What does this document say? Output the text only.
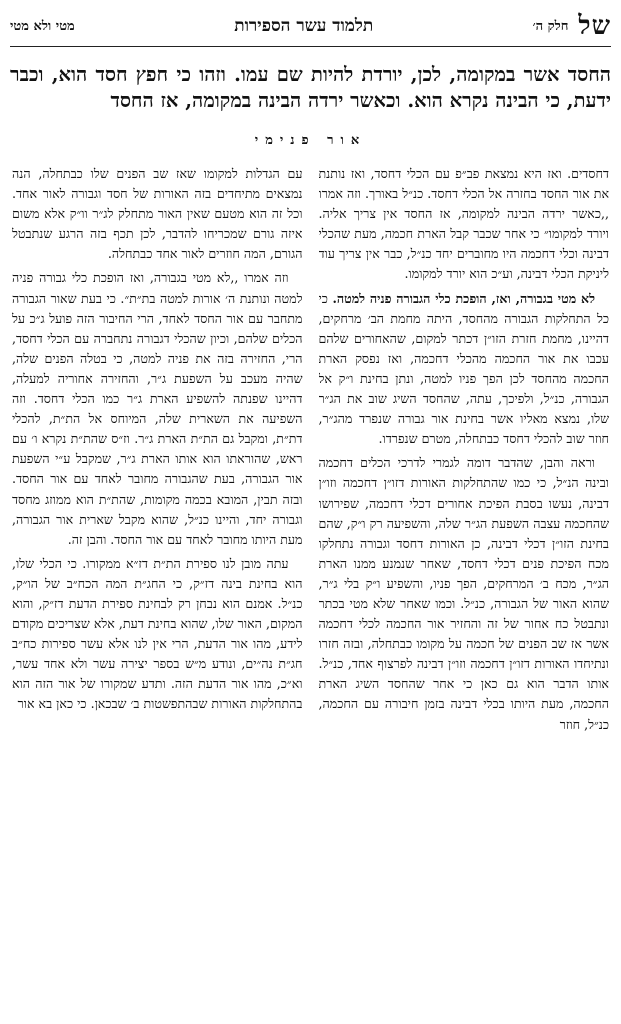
של
חלק ה׳
תלמוד עשר הספירות
מטי ולא מטי

החסד אשר במקומה, לכן, יורדת להיות שם עמו. וזהו כי חפץ חסד הוא, וכבר ידעת, כי הבינה נקרא הוא. וכאשר ירדה הבינה במקומה, אז החסד

אור פנימי

דחסדים. ואז היא נמצאת פב״פ עם הכלי דחסד, ואז נותנת את אור החסד בחזרה אל הכלי דחסד. כנ״ל באורך. וזה אמרו ,,כאשר ירדה הבינה למקומה, אז החסד אין צריך אליה. ויורד למקומו״ כי אחר שכבר קבל הארת חכמה, מעת שהכלי דבינה וכלי דחכמה היו מחוברים יחד כנ״ל, כבר אין צריך עוד ליניקת הכלי דבינה, וע״כ הוא יורד למקומו.

לא מטי בגבורה, ואז, הופכת כלי הגבורה פניה למטה. כי כל התחלקות הגבורה מהחסד, היתה מחמת הב׳ מרחקים, דהיינו, מחמת חזרת הזו״ן דכתר למקום, שהאחורים שלהם עכבו את אור החכמה מהכלי דחכמה, ואז נפסק הארת החכמה מהחסד לכן הפך פניו למטה, ונתן בחינת ו״ק אל הגבורה, כנ״ל, ולפיכך, עתה, שהחסד השיג שוב את הג״ר שלו, נמצא מאליו אשר בחינת אור גבורה שנפרד מהג״ר, חוזר שוב להכלי דחסד כבתחלה, מטרם שנפרדו.

וראה והבן, שהדבר דומה לגמרי לדרכי הכלים דחכמה ובינה הנ״ל, כי כמו שהתחלקות האורות דזו״ן דחכמה וזו״ן דבינה, נעשו בסבת הפיכת אחורים דכלי דחכמה, שפירושו שהחכמה עצבה השפעת הג״ר שלה, והשפיעה רק ו״ק, שהם בחינת הזו״ן דכלי דבינה, כן האורות דחסד וגבורה נתחלקו מכח הפיכת פנים דכלי דחסד, שאחר שנמנע ממנו הארת הג״ר, מכח ב׳ המרחקים, הפך פניו, והשפיע ו״ק בלי ג״ר, שהוא האור של הגבורה, כנ״ל. וכמו שאחר שלא מטי בכתר ונתבטל כח אחור של זה והחזיר אור החכמה לכלי דחכמה אשר אז שב הפנים של חכמה על מקומו כבתחלה, ובזה חזרו ונתיחדו האורות דזו״ן דחכמה וזו״ן דבינה לפרצוף אחד, כנ״ל. אותו הדבר הוא גם כאן כי אחר שהחסד השיג הארת החכמה, מעת היותו בכלי דבינה בזמן חיבורה עם החכמה, כנ״ל, חוזר

עם הגדלות למקומו שאז שב הפנים שלו כבתחלה, הנה נמצאים מתיחדים בזה האורות של חסד וגבורה לאור אחד. וכל זה הוא מטעם שאין האור מתחלק לג״ר וו״ק אלא משום איזה גורם שמכריחו להדבר, לכן תכף בזה הרגע שנתבטל הגורם, המה חוזרים לאור אחד כבתחלה.

וזה אמרו ,,לא מטי בגבורה, ואז הופכת כלי גבורה פניה למטה ונותנת ה׳ אורות למטה בת״ת״. כי בעת שאור הגבורה מתחבר עם אור החסד לאחד, הרי החיבור הזה פועל ג״כ על הכלים שלהם, וכיון שהכלי דגבורה נתחברה עם הכלי דחסד, הרי, החזירה בזה את פניה למטה, כי בטלה הפנים שלה, שהיה מעכב על השפעת ג״ר, והחזירה אחוריה למעלה, דהיינו שפנתה להשפיע הארת ג״ר כמו הכלי דחסד. וזה השפיעה את השארית שלה, המיוחס אל הת״ת, להכלי דת״ת, ומקבל גם הת״ת הארת ג״ר. וז״ס שהת״ת נקרא ו׳ עם ראש, שהוראתו הוא אותו הארת ג״ר, שמקבל ע״י השפעת אור הגבורה, בעת שהגבורה מחובר לאחד עם אור החסד. ובזה תבין, המובא בכמה מקומות, שהת״ת הוא ממוזג מחסד וגבורה יחד, והיינו כנ״ל, שהוא מקבל שארית אור הגבורה, מעת היותו מחובר לאחד עם אור החסד. והבן זה.

עתה מובן לנו ספירת הת״ת דז״א ממקורו. כי הכלי שלו, הוא בחינת בינה דז״ק, כי החג״ת המה הכח״ב של הו״ק, כנ״ל. אמנם הוא נבחן רק לבחינת ספירת הדעת דז״ק, והוא המקום, האור שלו, שהוא בחינת דעת, אלא שצריכים מקודם לידע, מהו אור הדעת, הרי אין לנו אלא עשר ספירות כח״ב חג״ת נה״ים, ונודע מ״ש בספר יצירה עשר ולא אחד עשר, וא״כ, מהו אור הדעת הזה. ותדע שמקורו של אור הזה הוא בהתחלקות האורות שבהתפשטות ב׳ שבכאן. כי כאן בא אור
